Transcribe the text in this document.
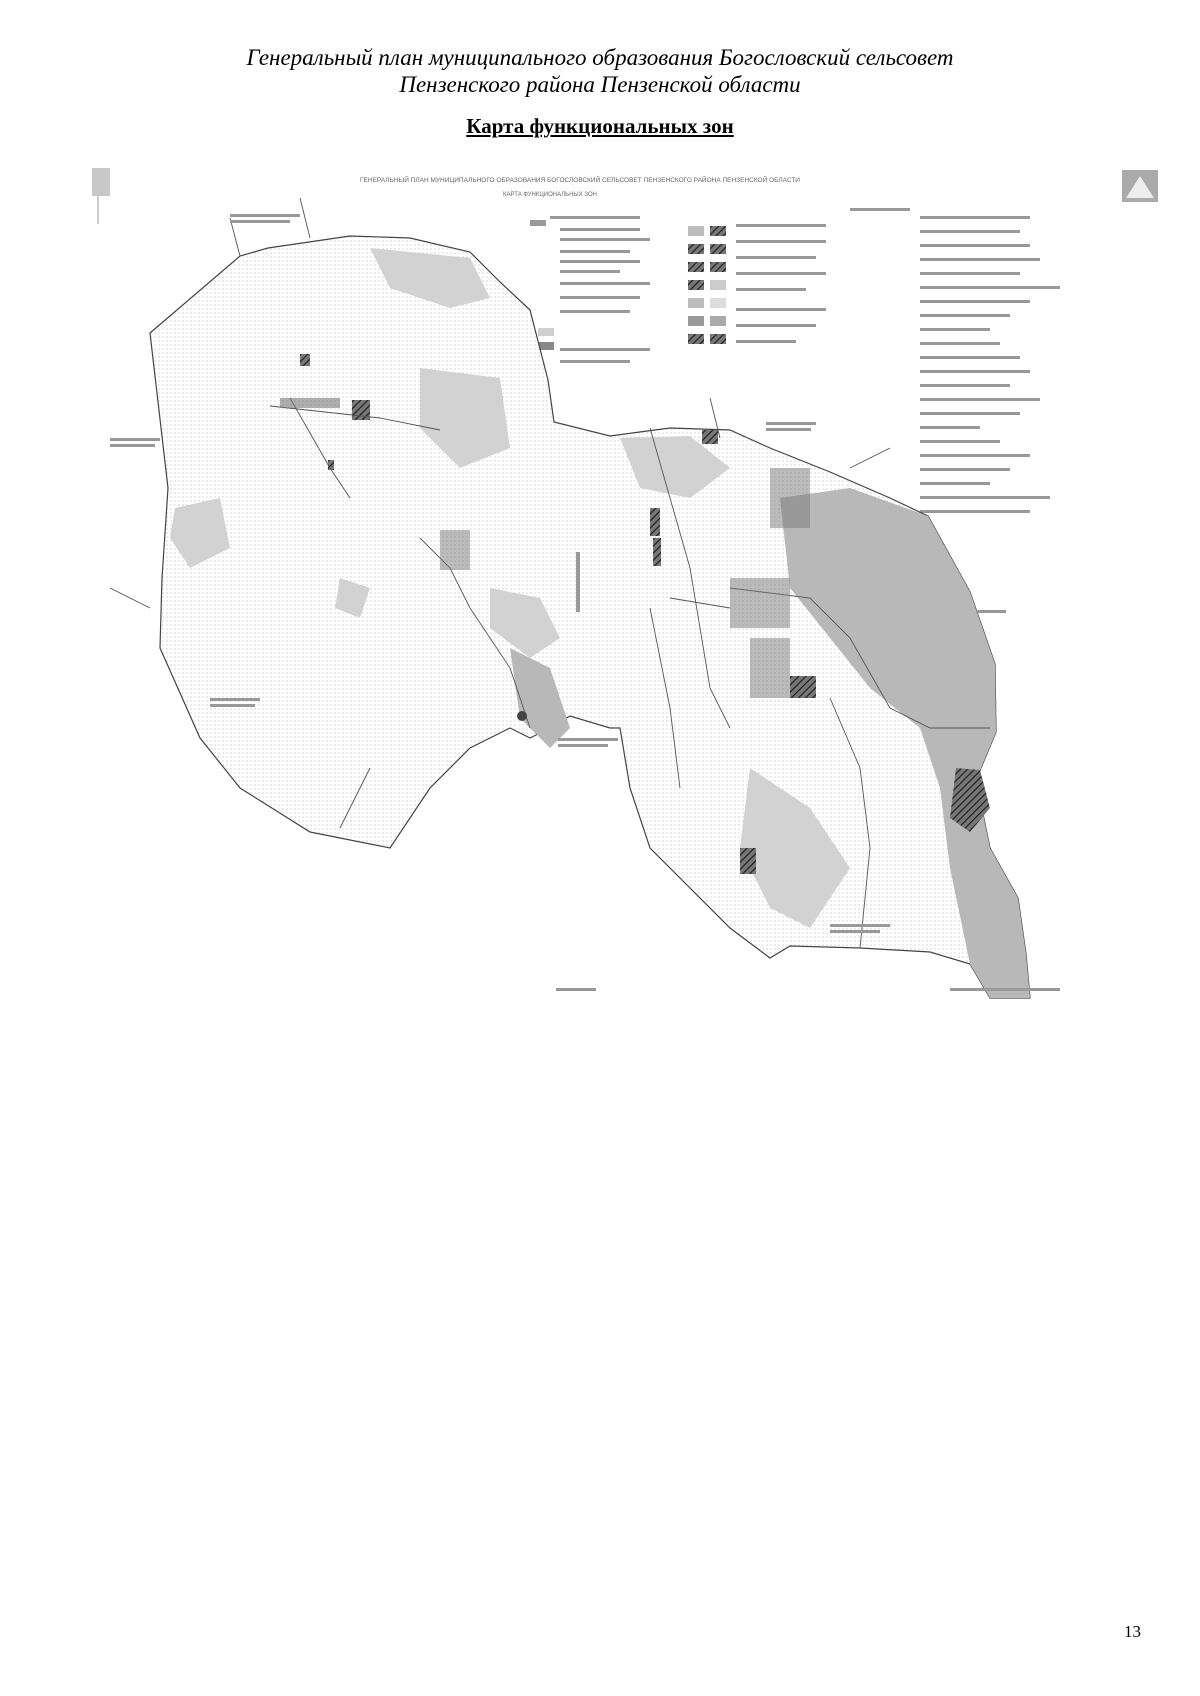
Генеральный план муниципального образования Богословский сельсовет
Пензенского района Пензенской области
Карта функциональных зон
ГЕНЕРАЛЬНЫЙ ПЛАН МУНИЦИПАЛЬНОГО ОБРАЗОВАНИЯ БОГОСЛОВСКИЙ СЕЛЬСОВЕТ ПЕНЗЕНСКОГО РАЙОНА ПЕНЗЕНСКОЙ ОБЛАСТИ
КАРТА ФУНКЦИОНАЛЬНЫХ ЗОН
13
